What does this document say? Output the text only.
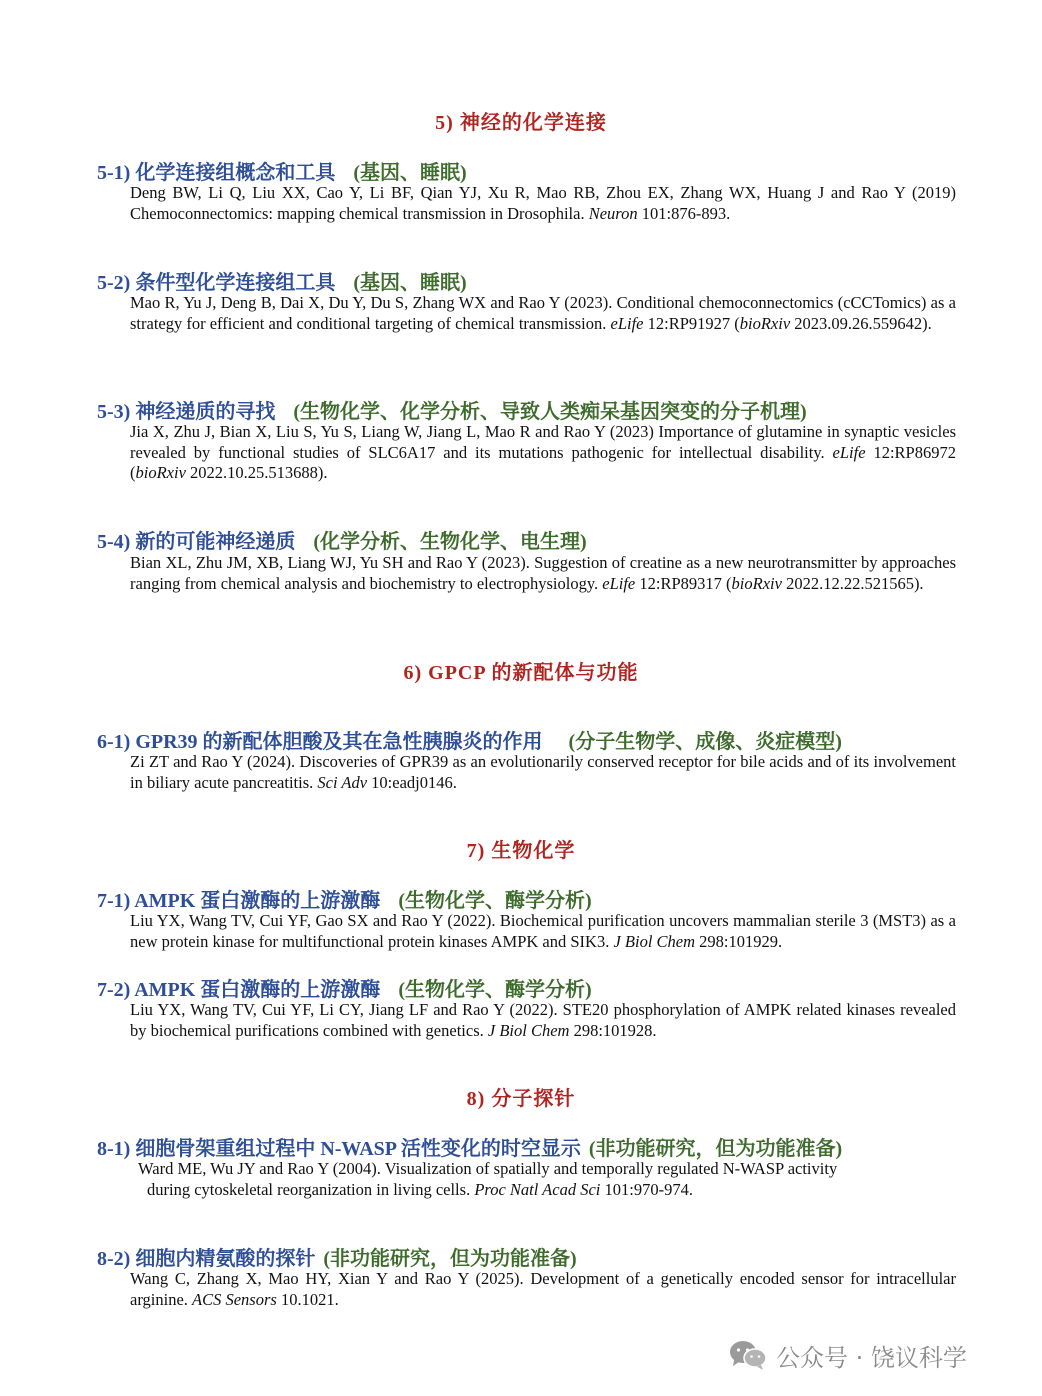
5) 神经的化学连接
5-1) 化学连接组概念和工具 (基因、睡眠)
Deng BW, Li Q, Liu XX, Cao Y, Li BF, Qian YJ, Xu R, Mao RB, Zhou EX, Zhang WX, Huang J and Rao Y (2019) Chemoconnectomics: mapping chemical transmission in Drosophila. Neuron 101:876-893.
5-2) 条件型化学连接组工具 (基因、睡眠)
Mao R, Yu J, Deng B, Dai X, Du Y, Du S, Zhang WX and Rao Y (2023). Conditional chemoconnectomics (cCCTomics) as a strategy for efficient and conditional targeting of chemical transmission. eLife 12:RP91927 (bioRxiv 2023.09.26.559642).
5-3) 神经递质的寻找 (生物化学、化学分析、导致人类痴呆基因突变的分子机理)
Jia X, Zhu J, Bian X, Liu S, Yu S, Liang W, Jiang L, Mao R and Rao Y (2023) Importance of glutamine in synaptic vesicles revealed by functional studies of SLC6A17 and its mutations pathogenic for intellectual disability. eLife 12:RP86972 (bioRxiv 2022.10.25.513688).
5-4) 新的可能神经递质 (化学分析、生物化学、电生理)
Bian XL, Zhu JM, XB, Liang WJ, Yu SH and Rao Y (2023). Suggestion of creatine as a new neurotransmitter by approaches ranging from chemical analysis and biochemistry to electrophysiology. eLife 12:RP89317 (bioRxiv 2022.12.22.521565).
6) GPCP 的新配体与功能
6-1) GPR39 的新配体胆酸及其在急性胰腺炎的作用 (分子生物学、成像、炎症模型)
Zi ZT and Rao Y (2024). Discoveries of GPR39 as an evolutionarily conserved receptor for bile acids and of its involvement in biliary acute pancreatitis. Sci Adv 10:eadj0146.
7) 生物化学
7-1) AMPK 蛋白激酶的上游激酶 (生物化学、酶学分析)
Liu YX, Wang TV, Cui YF, Gao SX and Rao Y (2022). Biochemical purification uncovers mammalian sterile 3 (MST3) as a new protein kinase for multifunctional protein kinases AMPK and SIK3. J Biol Chem 298:101929.
7-2) AMPK 蛋白激酶的上游激酶 (生物化学、酶学分析)
Liu YX, Wang TV, Cui YF, Li CY, Jiang LF and Rao Y (2022). STE20 phosphorylation of AMPK related kinases revealed by biochemical purifications combined with genetics. J Biol Chem 298:101928.
8) 分子探针
8-1) 细胞骨架重组过程中 N-WASP 活性变化的时空显示 (非功能研究，但为功能准备)
Ward ME, Wu JY and Rao Y (2004). Visualization of spatially and temporally regulated N-WASP activity
during cytoskeletal reorganization in living cells. Proc Natl Acad Sci 101:970-974.
8-2) 细胞内精氨酸的探针 (非功能研究，但为功能准备)
Wang C, Zhang X, Mao HY, Xian Y and Rao Y (2025). Development of a genetically encoded sensor for intracellular arginine. ACS Sensors 10.1021.
公众号 · 饶议科学
